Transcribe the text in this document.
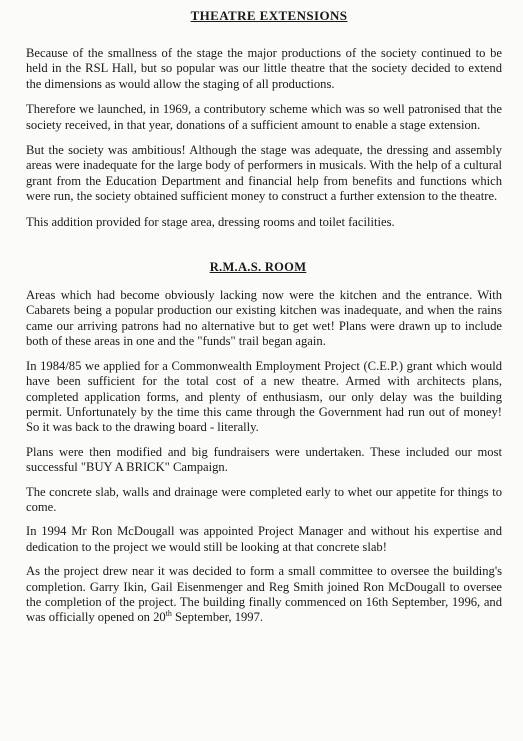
THEATRE EXTENSIONS

Because of the smallness of the stage the major productions of the society continued to be held in the RSL Hall, but so popular was our little theatre that the society decided to extend the dimensions as would allow the staging of all productions.

Therefore we launched, in 1969, a contributory scheme which was so well patronised that the society received, in that year, donations of a sufficient amount to enable a stage extension.

But the society was ambitious! Although the stage was adequate, the dressing and assembly areas were inadequate for the large body of performers in musicals. With the help of a cultural grant from the Education Department and financial help from benefits and functions which were run, the society obtained sufficient money to construct a further extension to the theatre.

This addition provided for stage area, dressing rooms and toilet facilities.

R.M.A.S. ROOM

Areas which had become obviously lacking now were the kitchen and the entrance. With Cabarets being a popular production our existing kitchen was inadequate, and when the rains came our arriving patrons had no alternative but to get wet! Plans were drawn up to include both of these areas in one and the "funds" trail began again.

In 1984/85 we applied for a Commonwealth Employment Project (C.E.P.) grant which would have been sufficient for the total cost of a new theatre. Armed with architects plans, completed application forms, and plenty of enthusiasm, our only delay was the building permit. Unfortunately by the time this came through the Government had run out of money! So it was back to the drawing board - literally.

Plans were then modified and big fundraisers were undertaken. These included our most successful "BUY A BRICK" Campaign.

The concrete slab, walls and drainage were completed early to whet our appetite for things to come.

In 1994 Mr Ron McDougall was appointed Project Manager and without his expertise and dedication to the project we would still be looking at that concrete slab!

As the project drew near it was decided to form a small committee to oversee the building's completion. Garry Ikin, Gail Eisenmenger and Reg Smith joined Ron McDougall to oversee the completion of the project. The building finally commenced on 16th September, 1996, and was officially opened on 20th September, 1997.
